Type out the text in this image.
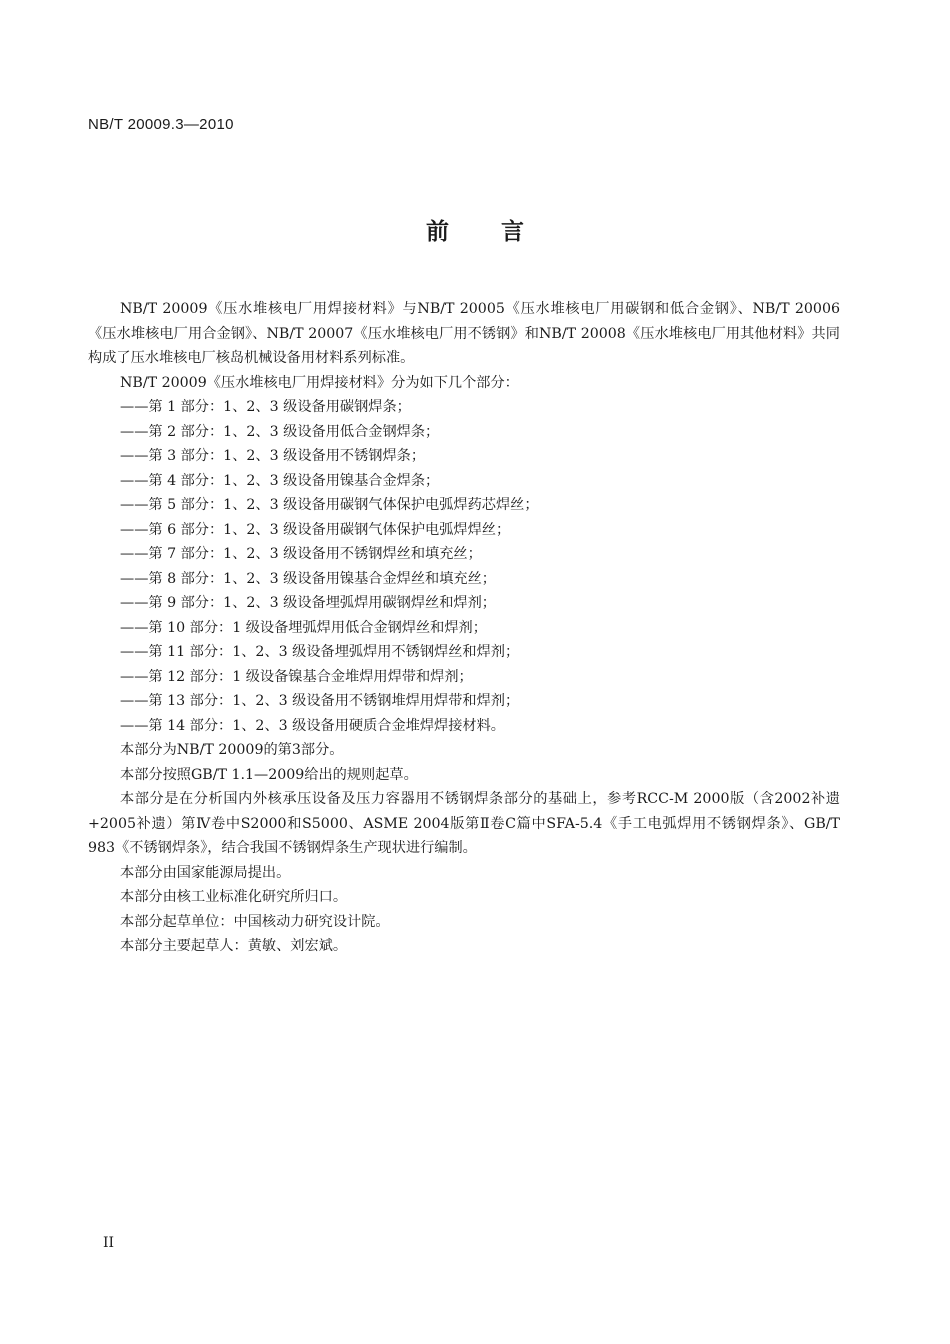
NB/T 20009.3—2010
前 言

NB/T 20009《压水堆核电厂用焊接材料》与NB/T 20005《压水堆核电厂用碳钢和低合金钢》、NB/T 20006《压水堆核电厂用合金钢》、NB/T 20007《压水堆核电厂用不锈钢》和NB/T 20008《压水堆核电厂用其他材料》共同构成了压水堆核电厂核岛机械设备用材料系列标准。

NB/T 20009《压水堆核电厂用焊接材料》分为如下几个部分：

——第 1 部分：1、2、3 级设备用碳钢焊条；

——第 2 部分：1、2、3 级设备用低合金钢焊条；

——第 3 部分：1、2、3 级设备用不锈钢焊条；

——第 4 部分：1、2、3 级设备用镍基合金焊条；

——第 5 部分：1、2、3 级设备用碳钢气体保护电弧焊药芯焊丝；

——第 6 部分：1、2、3 级设备用碳钢气体保护电弧焊焊丝；

——第 7 部分：1、2、3 级设备用不锈钢焊丝和填充丝；

——第 8 部分：1、2、3 级设备用镍基合金焊丝和填充丝；

——第 9 部分：1、2、3 级设备埋弧焊用碳钢焊丝和焊剂；

——第 10 部分：1 级设备埋弧焊用低合金钢焊丝和焊剂；

——第 11 部分：1、2、3 级设备埋弧焊用不锈钢焊丝和焊剂；

——第 12 部分：1 级设备镍基合金堆焊用焊带和焊剂；

——第 13 部分：1、2、3 级设备用不锈钢堆焊用焊带和焊剂；

——第 14 部分：1、2、3 级设备用硬质合金堆焊焊接材料。

本部分为NB/T 20009的第3部分。

本部分按照GB/T 1.1—2009给出的规则起草。

本部分是在分析国内外核承压设备及压力容器用不锈钢焊条部分的基础上，参考RCC-M 2000版（含2002补遗+2005补遗）第Ⅳ卷中S2000和S5000、ASME 2004版第Ⅱ卷C篇中SFA-5.4《手工电弧焊用不锈钢焊条》、GB/T 983《不锈钢焊条》，结合我国不锈钢焊条生产现状进行编制。

本部分由国家能源局提出。

本部分由核工业标准化研究所归口。

本部分起草单位：中国核动力研究设计院。

本部分主要起草人：黄敏、刘宏斌。

II
